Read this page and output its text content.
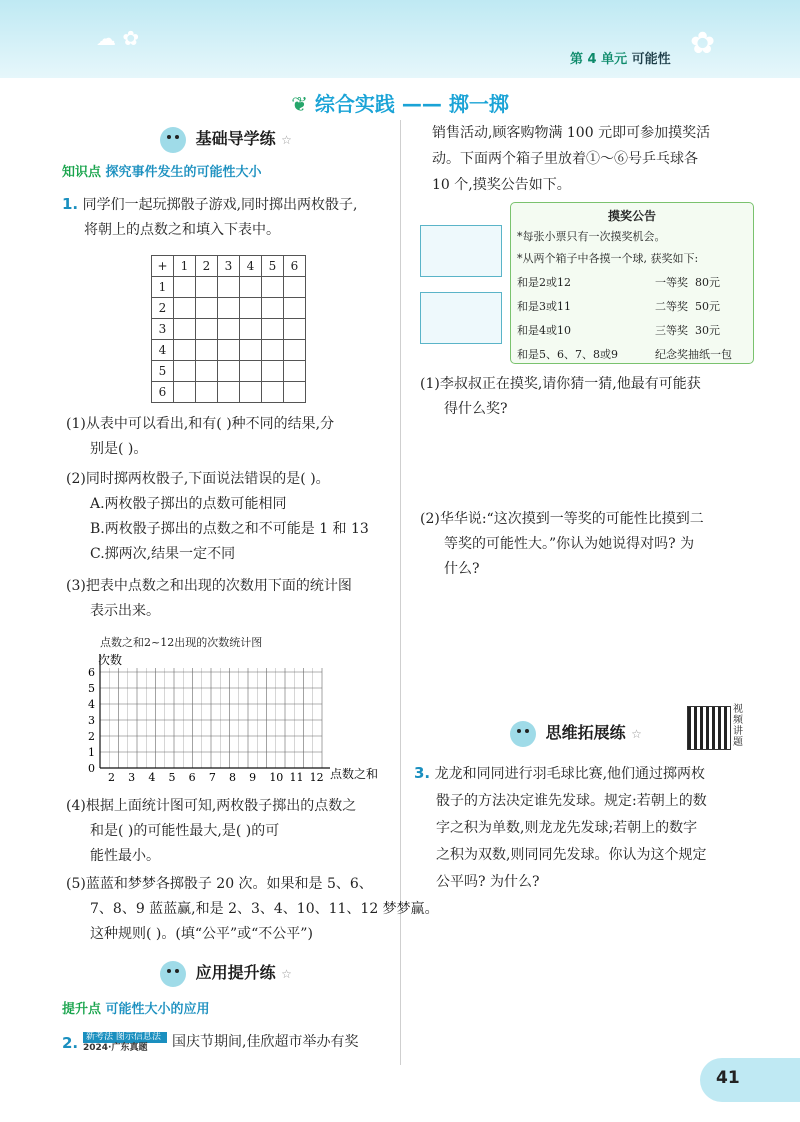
☁ ✿	✿
第 4 单元 可能性
❦ 综合实践 —— 掷一掷
基础导学练 ☆
知识点 探究事件发生的可能性大小
1. 同学们一起玩掷骰子游戏,同时掷出两枚骰子,
将朝上的点数之和填入下表中。
+	1	2	3	4	5	6
1						
2						
3						
4						
5						
6						
(1)从表中可以看出,和有( )种不同的结果,分
别是( )。
(2)同时掷两枚骰子,下面说法错误的是( )。
A.两枚骰子掷出的点数可能相同
B.两枚骰子掷出的点数之和不可能是 1 和 13
C.掷两次,结果一定不同
(3)把表中点数之和出现的次数用下面的统计图
表示出来。
点数之和2~12出现的次数统计图
0
1
2
3
4
5
6
2 3 4 5 6 7 8 9 10 11 12
次数
点数之和
(4)根据上面统计图可知,两枚骰子掷出的点数之
和是( )的可能性最大,是( )的可
能性最小。
(5)蓝蓝和梦梦各掷骰子 20 次。如果和是 5、6、
7、8、9 蓝蓝赢,和是 2、3、4、10、11、12 梦梦赢。
这种规则( )。(填“公平”或“不公平”)
应用提升练 ☆
提升点 可能性大小的应用
2. 新考法 图示信息法
2024·广东真题	国庆节期间,佳欣超市举办有奖
销售活动,顾客购物满 100 元即可参加摸奖活
动。下面两个箱子里放着①～⑥号乒乓球各
10 个,摸奖公告如下。
摸奖公告
*每张小票只有一次摸奖机会。
*从两个箱子中各摸一个球, 获奖如下:
和是2或12	一等奖  80元
和是3或11	二等奖  50元
和是4或10	三等奖  30元
和是5、6、7、8或9	纪念奖抽纸一包
(1)李叔叔正在摸奖,请你猜一猜,他最有可能获
得什么奖?
(2)华华说:“这次摸到一等奖的可能性比摸到二
等奖的可能性大。”你认为她说得对吗? 为
什么?
视频讲题
思维拓展练 ☆
3. 龙龙和同同进行羽毛球比赛,他们通过掷两枚
骰子的方法决定谁先发球。规定:若朝上的数
字之积为单数,则龙龙先发球;若朝上的数字
之积为双数,则同同先发球。你认为这个规定
公平吗? 为什么?
41
